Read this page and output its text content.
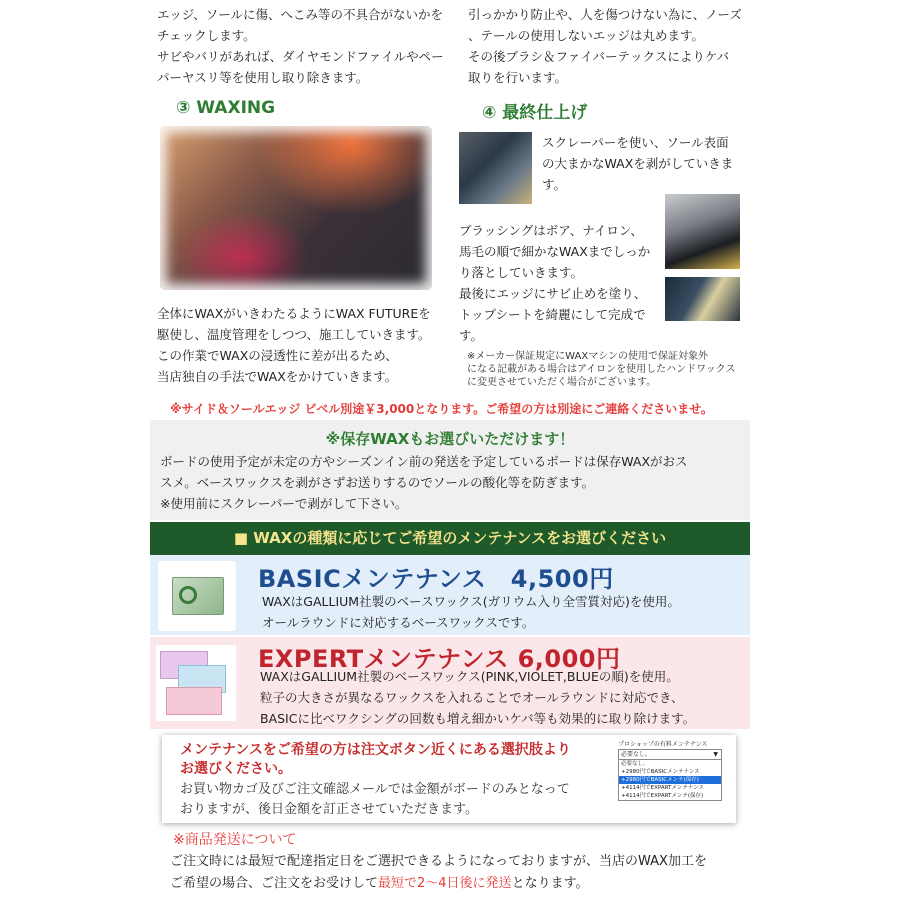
エッジ、ソールに傷、へこみ等の不具合がないかを

チェックします。

サビやバリがあれば、ダイヤモンドファイルやペー

パーヤスリ等を使用し取り除きます。

引っかかり防止や、人を傷つけない為に、ノーズ

、テールの使用しないエッジは丸めます。

その後ブラシ＆ファイバーテックスによりケバ

取りを行います。

③ WAXING

全体にWAXがいきわたるようにWAX FUTUREを

駆使し、温度管理をしつつ、施工していきます。

この作業でWAXの浸透性に差が出るため、

当店独自の手法でWAXをかけていきます。

④ 最終仕上げ

スクレーパーを使い、ソール表面

の大まかなWAXを剥がしていきま

す。

ブラッシングはボア、ナイロン、

馬毛の順で細かなWAXまでしっか

り落としていきます。

最後にエッジにサビ止めを塗り、

トップシートを綺麗にして完成で

す。

※メーカー保証規定にWAXマシンの使用で保証対象外

になる記載がある場合はアイロンを使用したハンドワックス

に変更させていただく場合がございます。

※サイド＆ソールエッジ ビベル別途￥3,000となります。ご希望の方は別途にご連絡くださいませ。
※保存WAXもお選びいただけます！

ボードの使用予定が未定の方やシーズンイン前の発送を予定しているボードは保存WAXがおス

スメ。ベースワックスを剥がさずお送りするのでソールの酸化等を防ぎます。

※使用前にスクレーパーで剥がして下さい。

■ WAXの種類に応じてご希望のメンテナンスをお選びください
BASICメンテナンス　4,500円

WAXはGALLIUM社製のベースワックス(ガリウム入り全雪質対応)を使用。

オールラウンドに対応するベースワックスです。

EXPERTメンテナンス 6,000円

WAXはGALLIUM社製のベースワックス(PINK,VIOLET,BLUEの順)を使用。

粒子の大きさが異なるワックスを入れることでオールラウンドに対応でき、

BASICに比べワクシングの回数も増え細かいケバ等も効果的に取り除けます。

メンテナンスをご希望の方は注文ボタン近くにある選択肢より

お選びください。

お買い物カゴ及びご注文確認メールでは金額がボードのみとなって

おりますが、後日金額を訂正させていただきます。

プロショップの有料メンテナンス
必要なし。	▼
必要なし。
+2980円でBASICメンテナンス
+2980円でBASICメンテ(保存)
+4114円でEXPARTメンテナンス
+4114円でEXPARTメンテ(保存)
※商品発送について
ご注文時には最短で配達指定日をご選択できるようになっておりますが、当店のWAX加工を
ご希望の場合、ご注文をお受けして最短で2～4日後に発送となります。
